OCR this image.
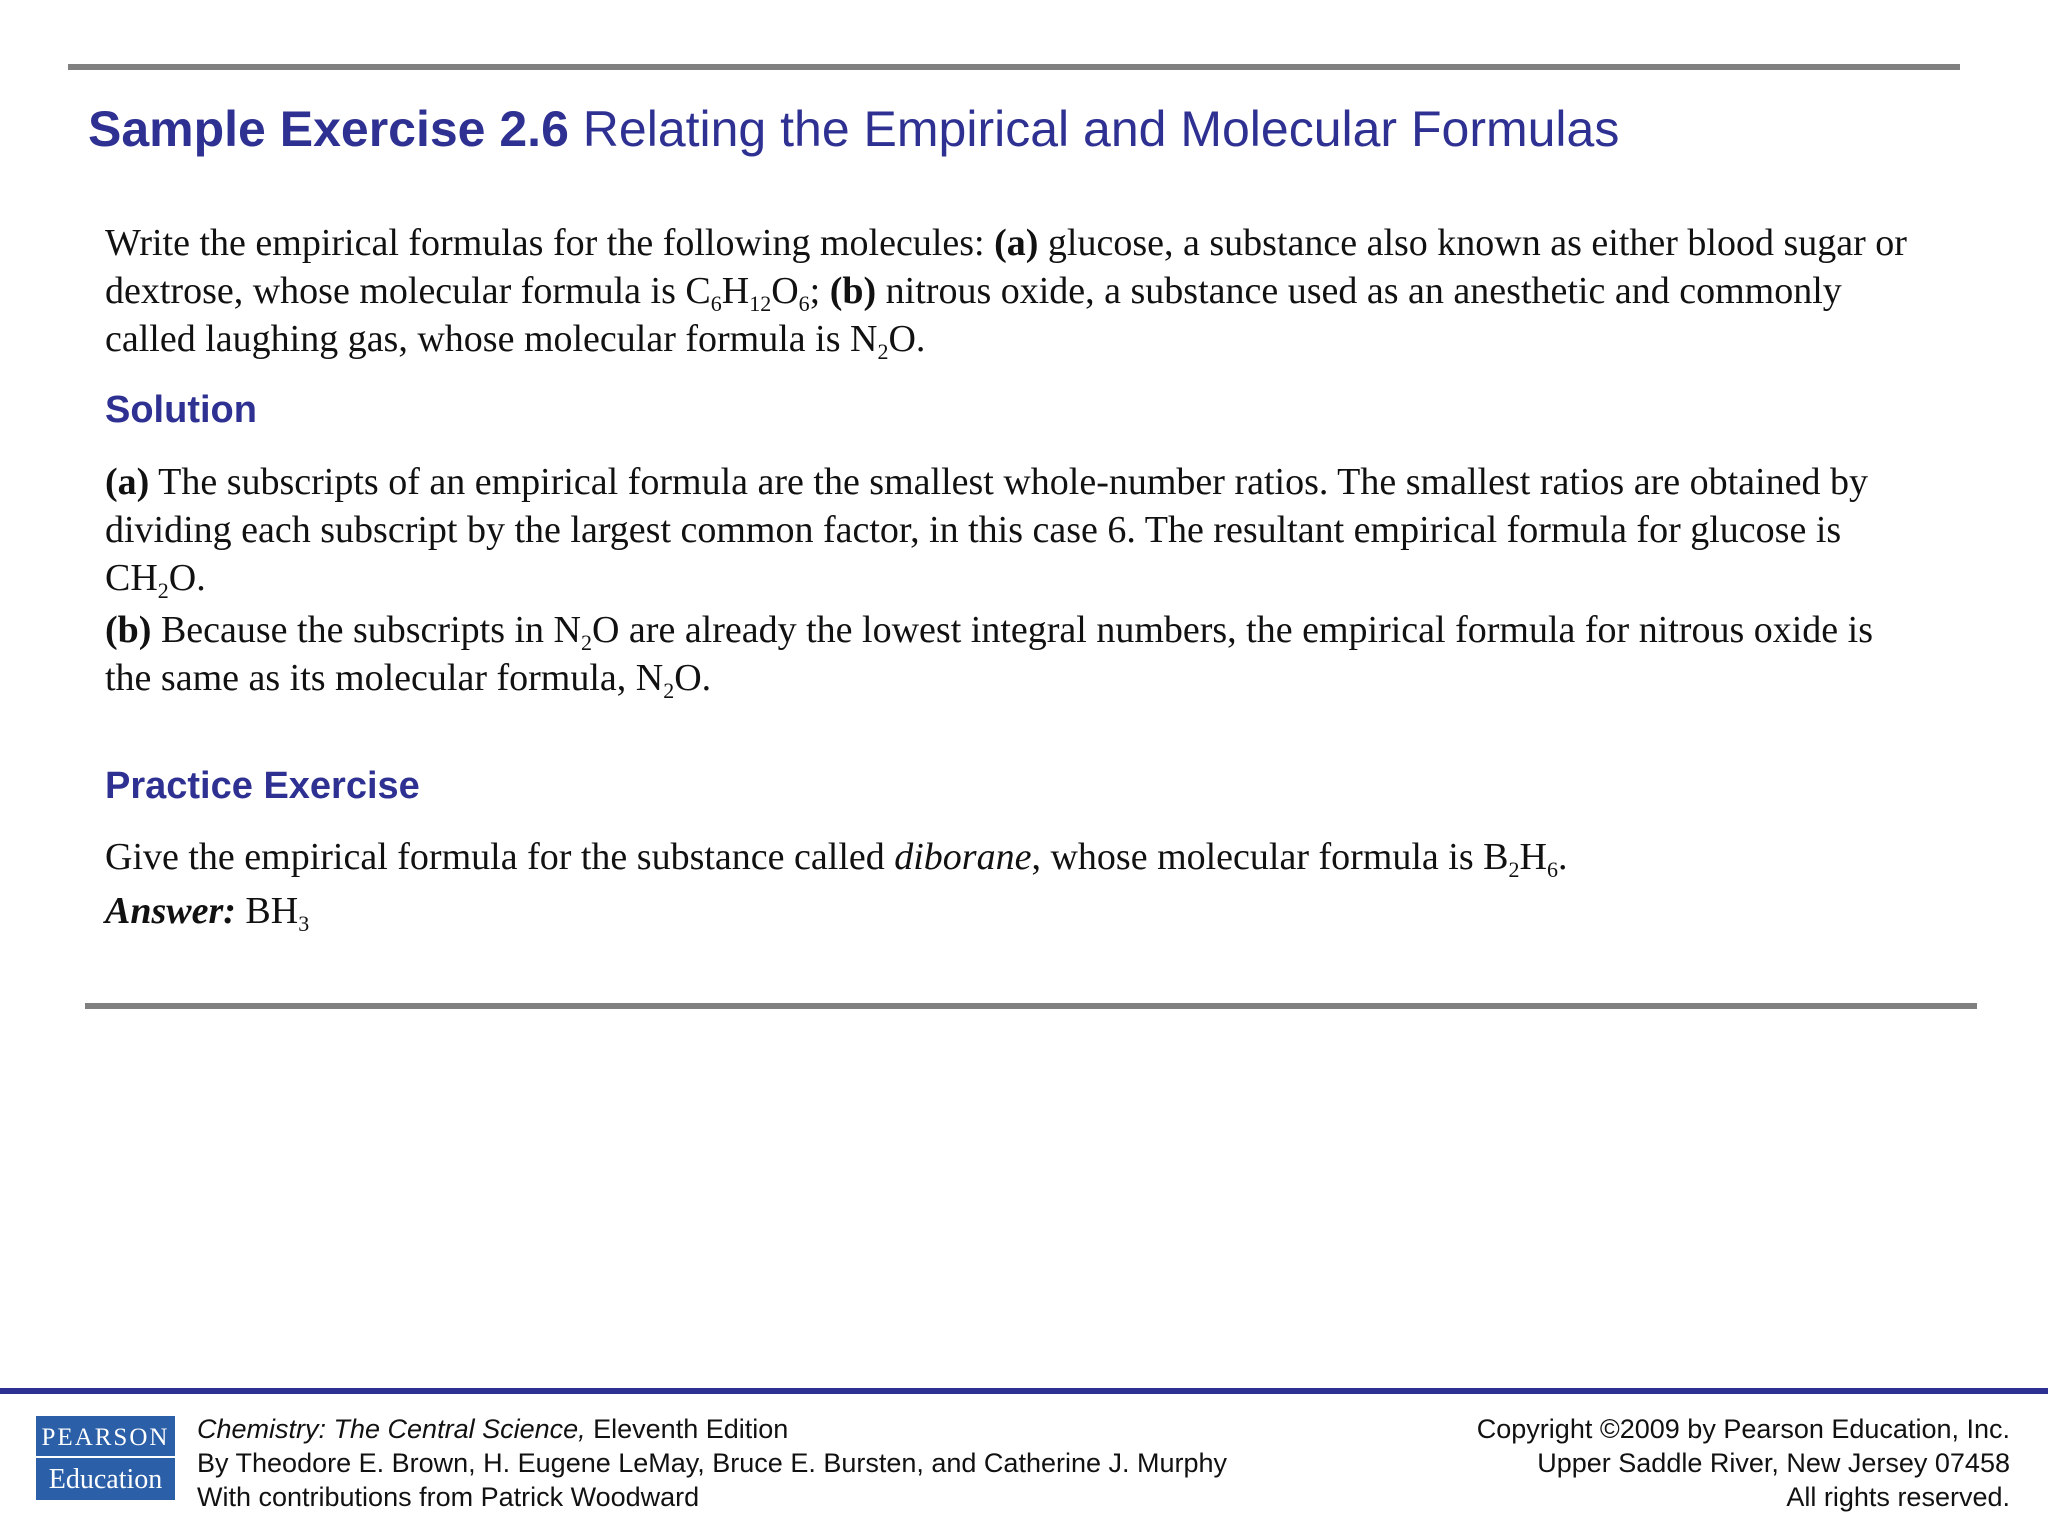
Sample Exercise 2.6 Relating the Empirical and Molecular Formulas

Write the empirical formulas for the following molecules: (a) glucose, a substance also known as either blood sugar or dextrose, whose molecular formula is $C_6H_{12}O_6$; (b) nitrous oxide, a substance used as an anesthetic and commonly called laughing gas, whose molecular formula is $N_2O$.

Solution

(a) The subscripts of an empirical formula are the smallest whole-number ratios. The smallest ratios are obtained by dividing each subscript by the largest common factor, in this case 6. The resultant empirical formula for glucose is $CH_2O$.

(b) Because the subscripts in $N_2O$ are already the lowest integral numbers, the empirical formula for nitrous oxide is the same as its molecular formula, $N_2O$.

Practice Exercise

Give the empirical formula for the substance called diborane, whose molecular formula is $B_2H_6$.

Answer: $BH_3$

PEARSON
Education
Chemistry: The Central Science, Eleventh Edition
By Theodore E. Brown, H. Eugene LeMay, Bruce E. Bursten, and Catherine J. Murphy
With contributions from Patrick Woodward
Copyright ©2009 by Pearson Education, Inc.
Upper Saddle River, New Jersey 07458
All rights reserved.
